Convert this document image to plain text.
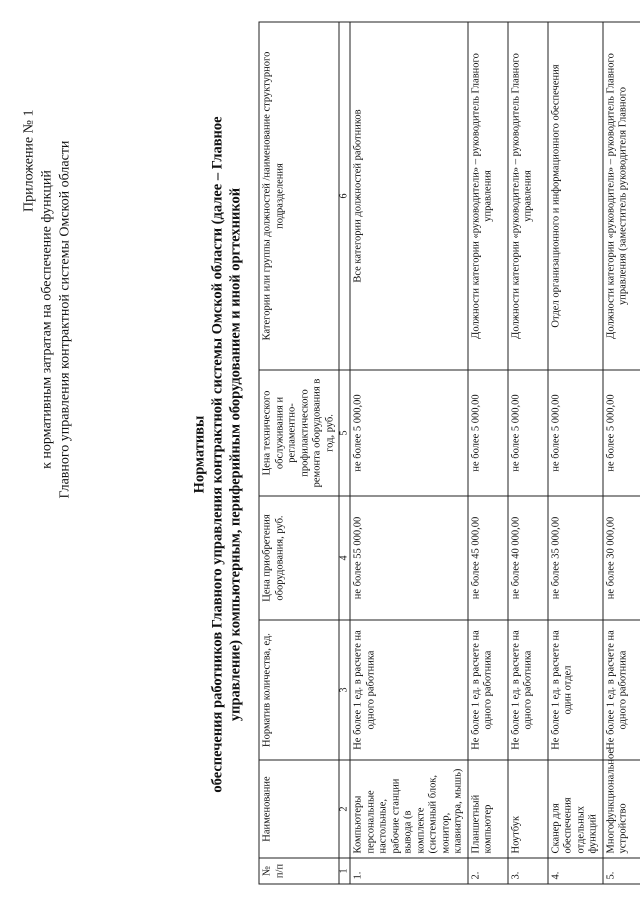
Приложение № 1
к нормативным затратам на обеспечение функций Главного управления контрактной системы Омской области	Нормативы обеспечения работников Главного управления контрактной системы Омской области (далее – Главное управление) компьютерным, периферийным оборудованием и иной оргтехникой
№ п/п	Наименование	Норматив количества, ед.	Цена приобретения оборудования, руб.	Цена технического обслуживания и регламентно-профилактического ремонта оборудования в год, руб.	Категории или группы должностей /наименование структурного подразделения
1	2	3	4	5	6
1.	Компьютеры персональные настольные, рабочие станции вывода (в комплекте (системный блок, монитор, клавиатура, мышь)	Не более 1 ед. в расчете на одного работника	не более 55 000,00	не более 5 000,00	Все категории должностей работников
2.	Планшетный компьютер	Не более 1 ед. в расчете на одного работника	не более 45 000,00	не более 5 000,00	Должности категории «руководители» – руководитель Главного управления
3.	Ноутбук	Не более 1 ед. в расчете на одного работника	не более 40 000,00	не более 5 000,00	Должности категории «руководители» – руководитель Главного управления
4.	Сканер для обеспечения отдельных функций	Не более 1 ед. в расчете на один отдел	не более 35 000,00	не более 5 000,00	Отдел организационного и информационного обеспечения
5.	Многофункциональное устройство	Не более 1 ед. в расчете на одного работника	не более 30 000,00	не более 5 000,00	Должности категории «руководители» – руководитель Главного управления (заместитель руководителя Главного
